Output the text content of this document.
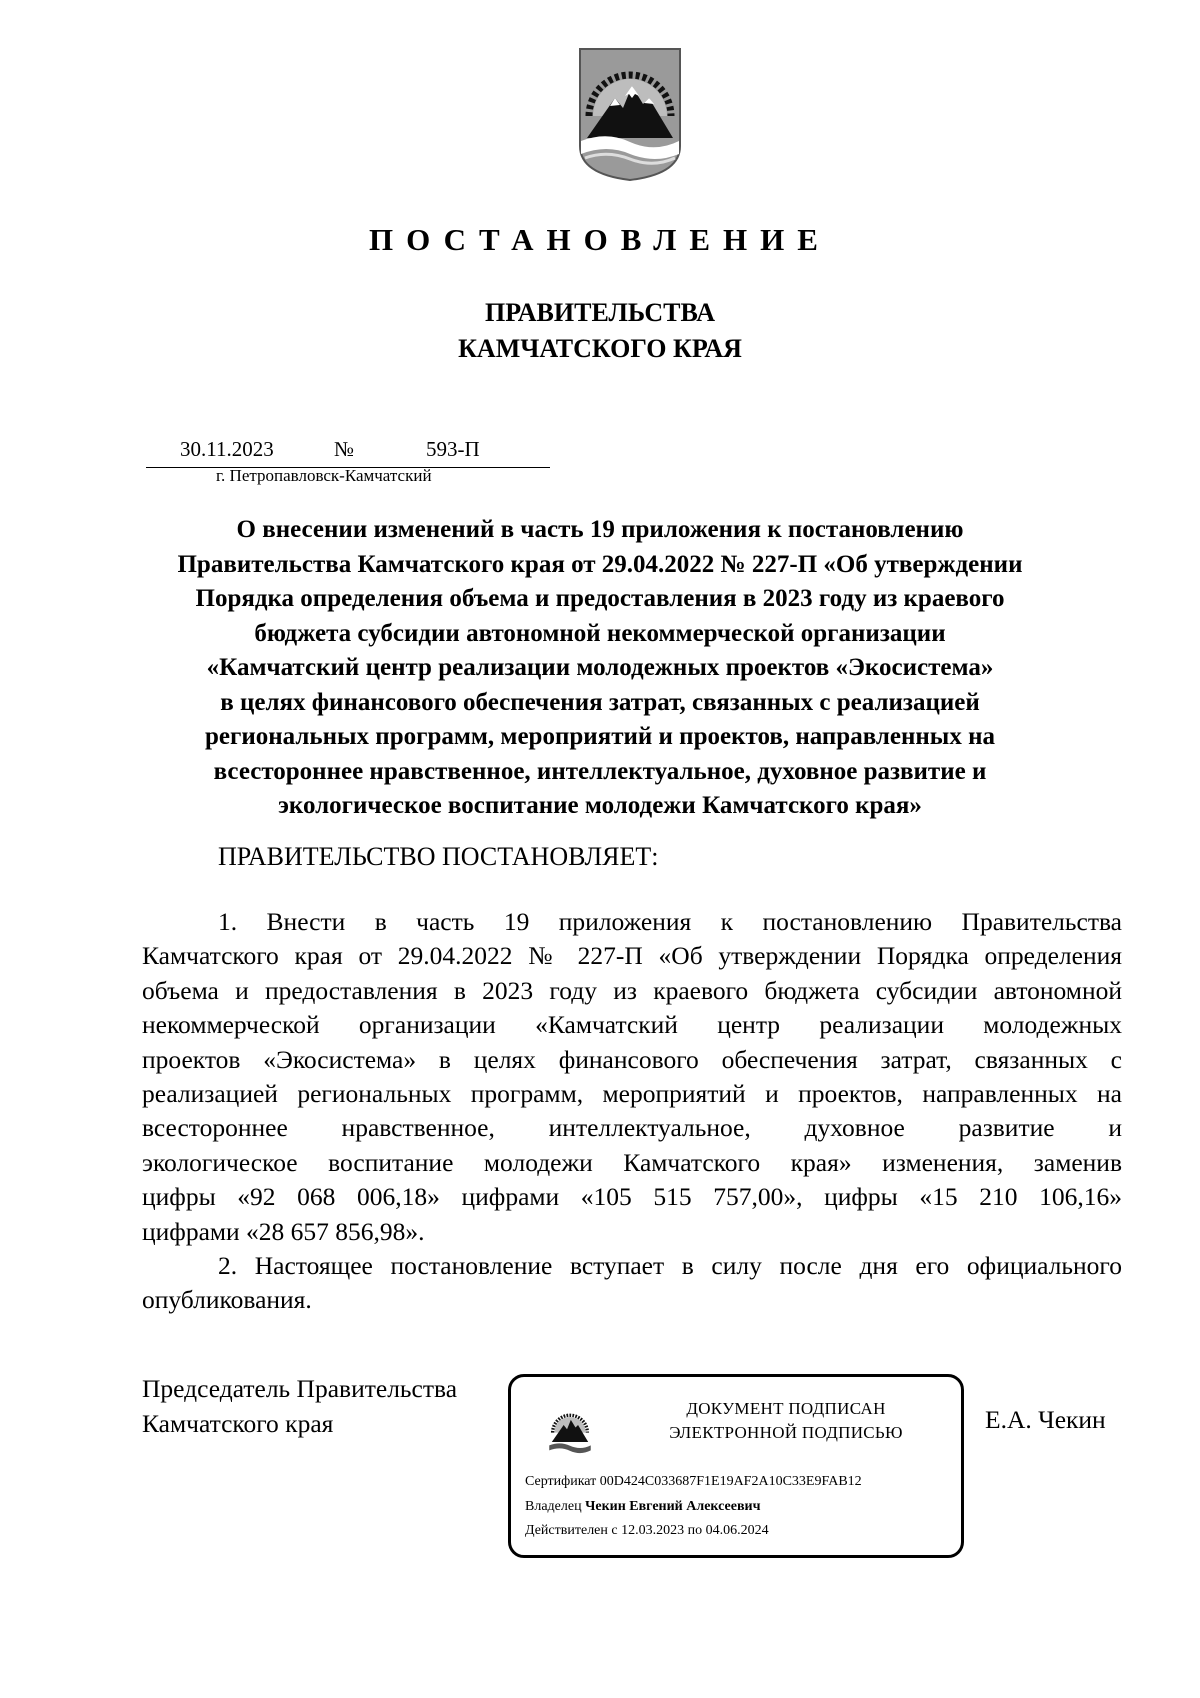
ПОСТАНОВЛЕНИЕ
ПРАВИТЕЛЬСТВА
КАМЧАТСКОГО КРАЯ
30.11.2023	№	593-П
г. Петропавловск-Камчатский
О внесении изменений в часть 19 приложения к постановлению
Правительства Камчатского края от 29.04.2022 № 227-П «Об утверждении
Порядка определения объема и предоставления в 2023 году из краевого
бюджета субсидии автономной некоммерческой организации
«Камчатский центр реализации молодежных проектов «Экосистема»
в целях финансового обеспечения затрат, связанных с реализацией
региональных программ, мероприятий и проектов, направленных на
всестороннее нравственное, интеллектуальное, духовное развитие и
экологическое воспитание молодежи Камчатского края»
ПРАВИТЕЛЬСТВО ПОСТАНОВЛЯЕТ:
1. Внести в часть 19 приложения к постановлению Правительства
Камчатского края от 29.04.2022 № 227-П «Об утверждении Порядка определения
объема и предоставления в 2023 году из краевого бюджета субсидии автономной
некоммерческой организации «Камчатский центр реализации молодежных
проектов «Экосистема» в целях финансового обеспечения затрат, связанных с
реализацией региональных программ, мероприятий и проектов, направленных на
всестороннее нравственное, интеллектуальное, духовное развитие и
экологическое воспитание молодежи Камчатского края» изменения, заменив
цифры «92 068 006,18» цифрами «105 515 757,00», цифры «15 210 106,16»
цифрами «28 657 856,98».
2. Настоящее постановление вступает в силу после дня его официального
опубликования.
Председатель Правительства
Камчатского края
ДОКУМЕНТ ПОДПИСАН
ЭЛЕКТРОННОЙ ПОДПИСЬЮ
Сертификат 00D424C033687F1E19AF2A10C33E9FAB12
Владелец Чекин Евгений Алексеевич
Действителен с 12.03.2023 по 04.06.2024
Е.А. Чекин
